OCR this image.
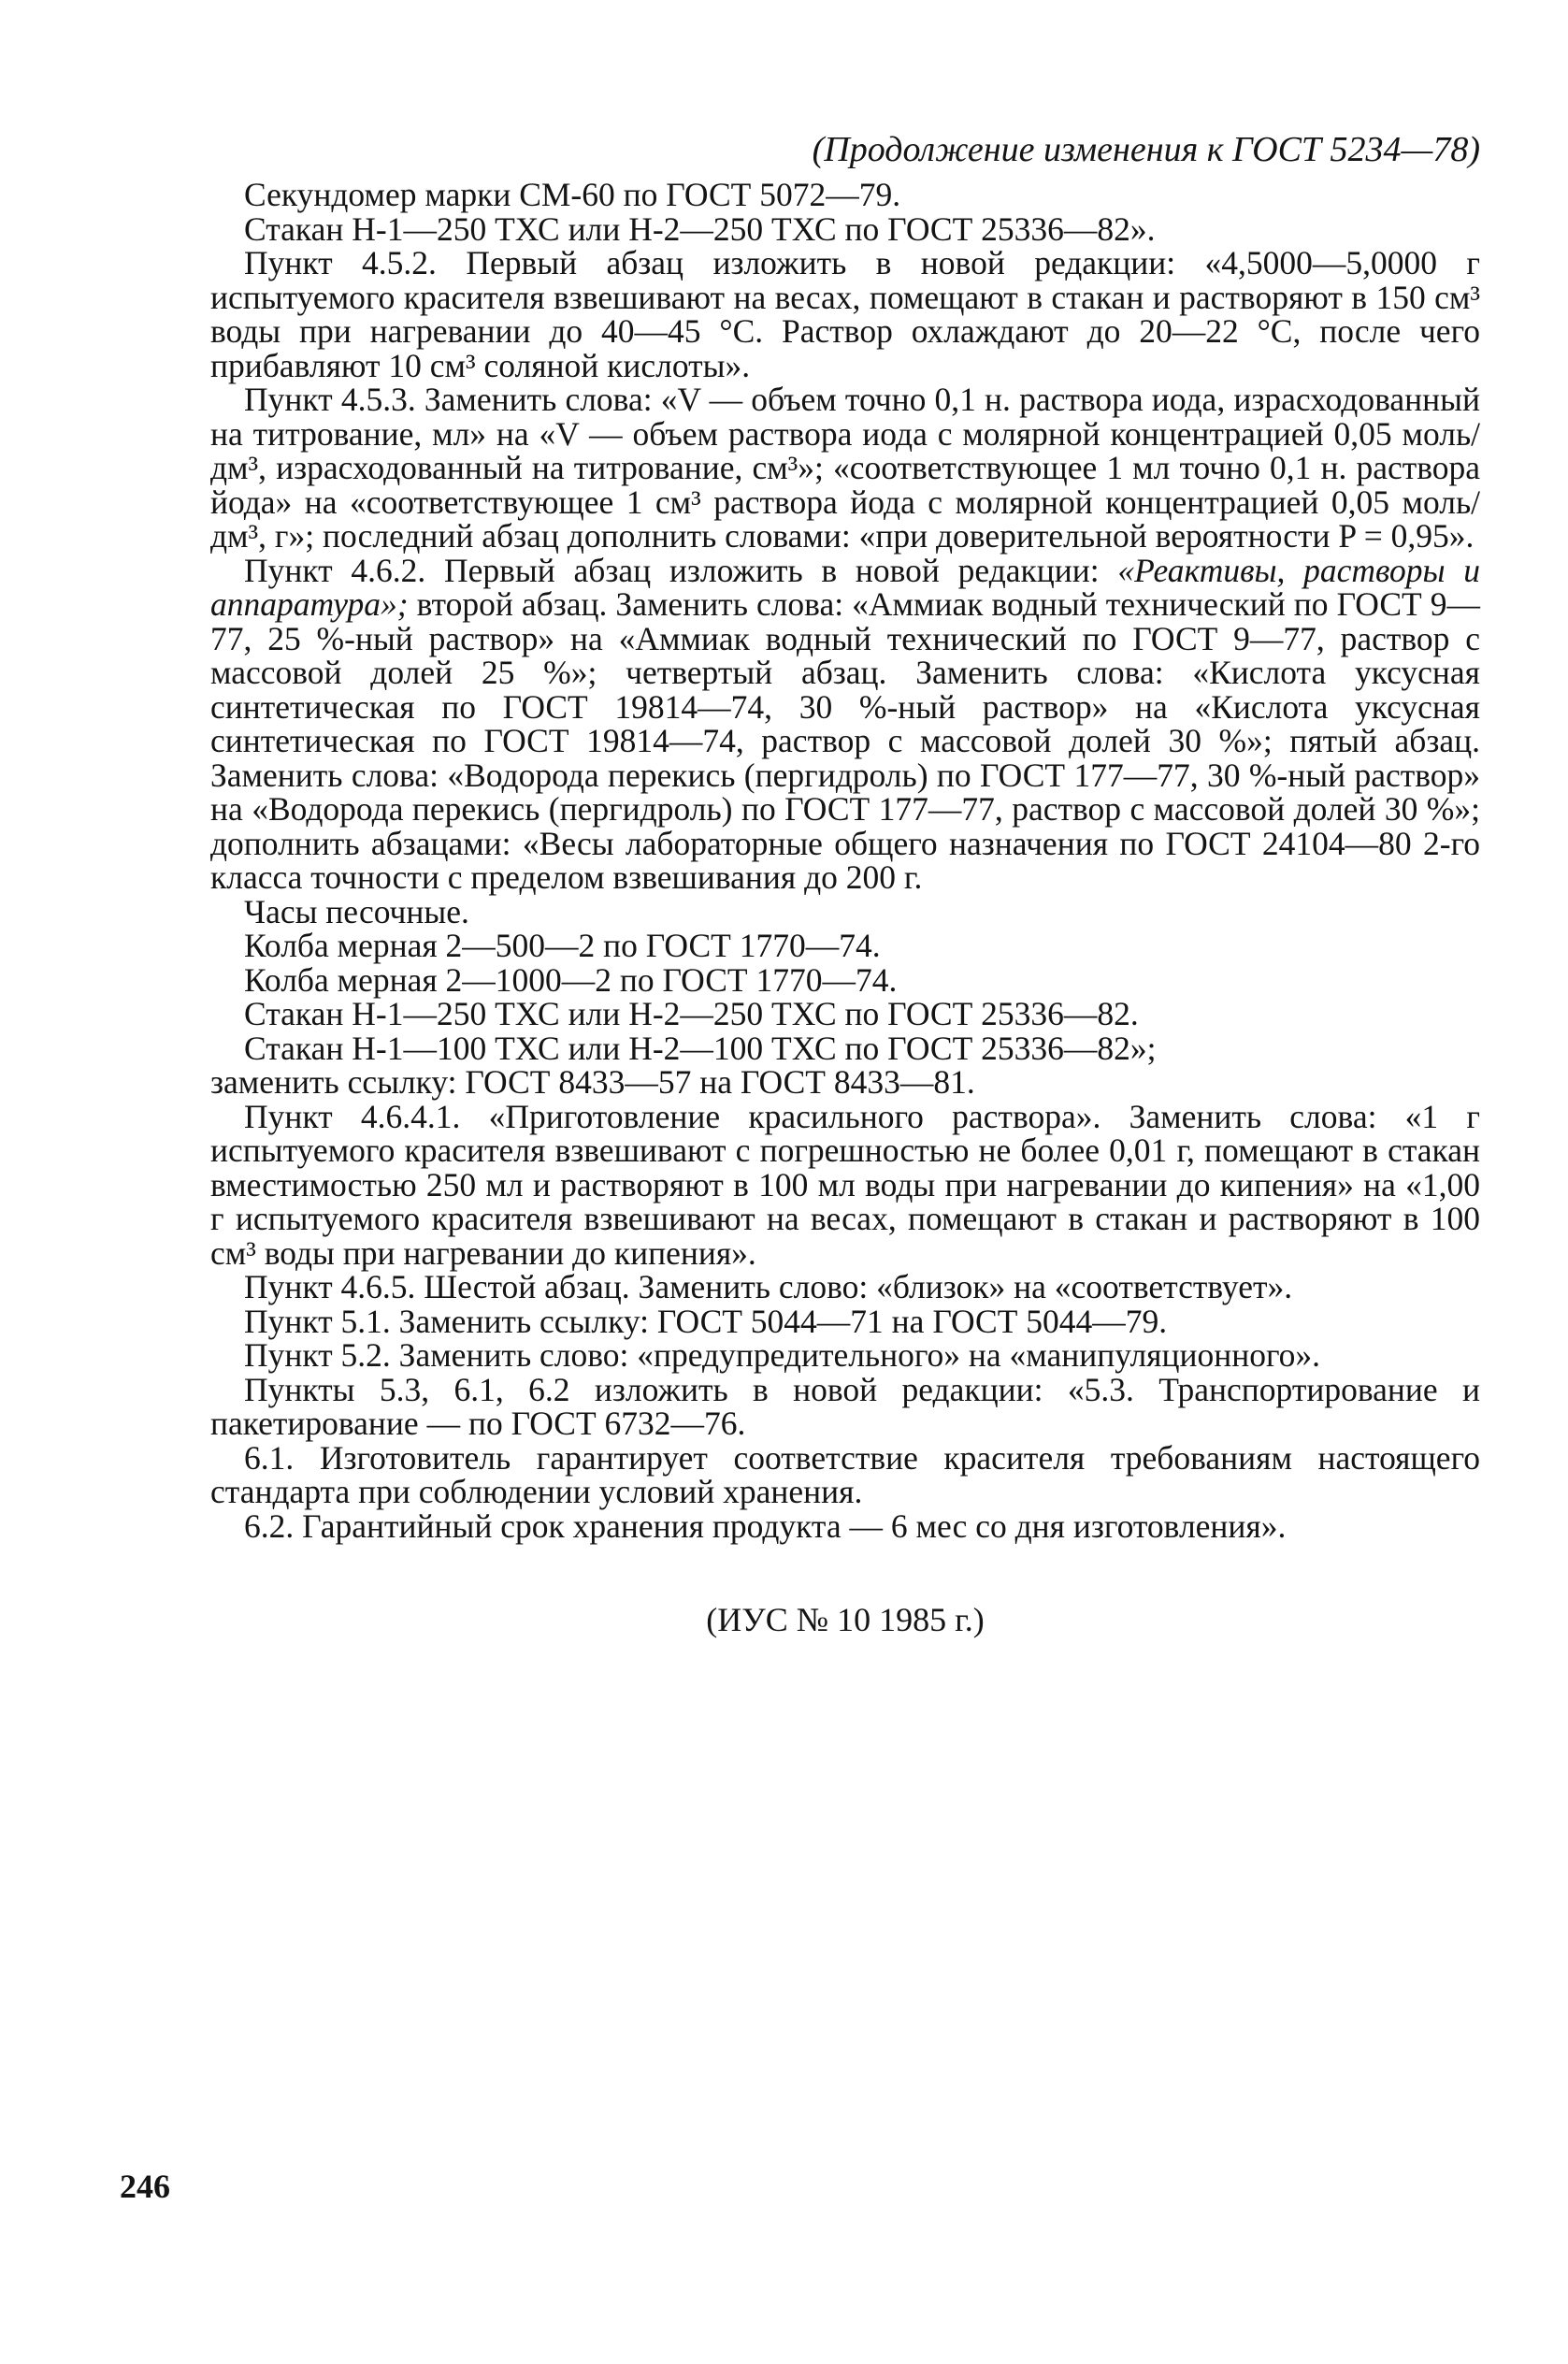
(Продолжение изменения к ГОСТ 5234—78)

Секундомер марки СМ-60 по ГОСТ 5072—79.

Стакан Н-1—250 ТХС или Н-2—250 ТХС по ГОСТ 25336—82».

Пункт 4.5.2. Первый абзац изложить в новой редакции: «4,5000—5,0000 г испытуемого красителя взвешивают на весах, помещают в стакан и растворяют в 150 см³ воды при нагревании до 40—45 °С. Раствор охлаждают до 20—22 °С, после чего прибавляют 10 см³ соляной кислоты».

Пункт 4.5.3. Заменить слова: «V — объем точно 0,1 н. раствора иода, израсходованный на титрование, мл» на «V — объем раствора иода с молярной концентрацией 0,05 моль/дм³, израсходованный на титрование, см³»; «соответствующее 1 мл точно 0,1 н. раствора йода» на «соответствующее 1 см³ раствора йода с молярной концентрацией 0,05 моль/дм³, г»; последний абзац дополнить словами: «при доверительной вероятности P = 0,95».

Пункт 4.6.2. Первый абзац изложить в новой редакции: «Реактивы, растворы и аппаратура»; второй абзац. Заменить слова: «Аммиак водный технический по ГОСТ 9—77, 25 %-ный раствор» на «Аммиак водный технический по ГОСТ 9—77, раствор с массовой долей 25 %»; четвертый абзац. Заменить слова: «Кислота уксусная синтетическая по ГОСТ 19814—74, 30 %-ный раствор» на «Кислота уксусная синтетическая по ГОСТ 19814—74, раствор с массовой долей 30 %»; пятый абзац. Заменить слова: «Водорода перекись (пергидроль) по ГОСТ 177—77, 30 %-ный раствор» на «Водорода перекись (пергидроль) по ГОСТ 177—77, раствор с массовой долей 30 %»; дополнить абзацами: «Весы лабораторные общего назначения по ГОСТ 24104—80 2-го класса точности с пределом взвешивания до 200 г.

Часы песочные.

Колба мерная 2—500—2 по ГОСТ 1770—74.

Колба мерная 2—1000—2 по ГОСТ 1770—74.

Стакан Н-1—250 ТХС или Н-2—250 ТХС по ГОСТ 25336—82.

Стакан Н-1—100 ТХС или Н-2—100 ТХС по ГОСТ 25336—82»;

заменить ссылку: ГОСТ 8433—57 на ГОСТ 8433—81.

Пункт 4.6.4.1. «Приготовление красильного раствора». Заменить слова: «1 г испытуемого красителя взвешивают с погрешностью не более 0,01 г, помещают в стакан вместимостью 250 мл и растворяют в 100 мл воды при нагревании до кипения» на «1,00 г испытуемого красителя взвешивают на весах, помещают в стакан и растворяют в 100 см³ воды при нагревании до кипения».

Пункт 4.6.5. Шестой абзац. Заменить слово: «близок» на «соответствует».

Пункт 5.1. Заменить ссылку: ГОСТ 5044—71 на ГОСТ 5044—79.

Пункт 5.2. Заменить слово: «предупредительного» на «манипуляционного».

Пункты 5.3, 6.1, 6.2 изложить в новой редакции: «5.3. Транспортирование и пакетирование — по ГОСТ 6732—76.

6.1. Изготовитель гарантирует соответствие красителя требованиям настоящего стандарта при соблюдении условий хранения.

6.2. Гарантийный срок хранения продукта — 6 мес со дня изготовления».

(ИУС № 10 1985 г.)
246
